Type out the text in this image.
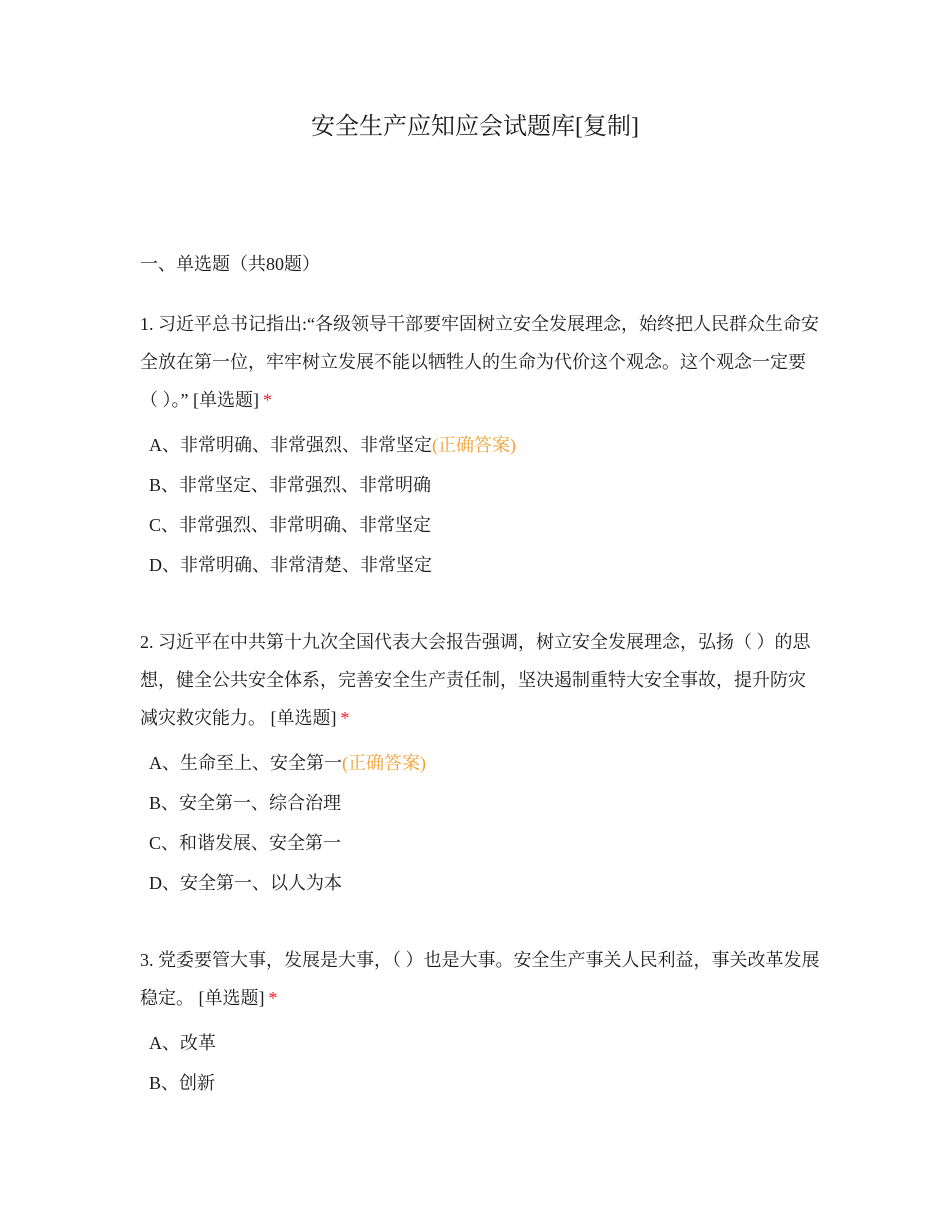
安全生产应知应会试题库[复制]
一、单选题（共80题）

1. 习近平总书记指出:“各级领导干部要牢固树立安全发展理念，始终把人民群众生命安全放在第一位，牢牢树立发展不能以牺牲人的生命为代价这个观念。这个观念一定要（ ）。” [单选题] *

A、非常明确、非常强烈、非常坚定(正确答案)
B、非常坚定、非常强烈、非常明确
C、非常强烈、非常明确、非常坚定
D、非常明确、非常清楚、非常坚定

2. 习近平在中共第十九次全国代表大会报告强调，树立安全发展理念，弘扬（ ）的思想，健全公共安全体系，完善安全生产责任制，坚决遏制重特大安全事故，提升防灾减灾救灾能力。 [单选题] *

A、生命至上、安全第一(正确答案)
B、安全第一、综合治理
C、和谐发展、安全第一
D、安全第一、以人为本

3. 党委要管大事，发展是大事，（ ）也是大事。安全生产事关人民利益，事关改革发展稳定。 [单选题] *

A、改革
B、创新
